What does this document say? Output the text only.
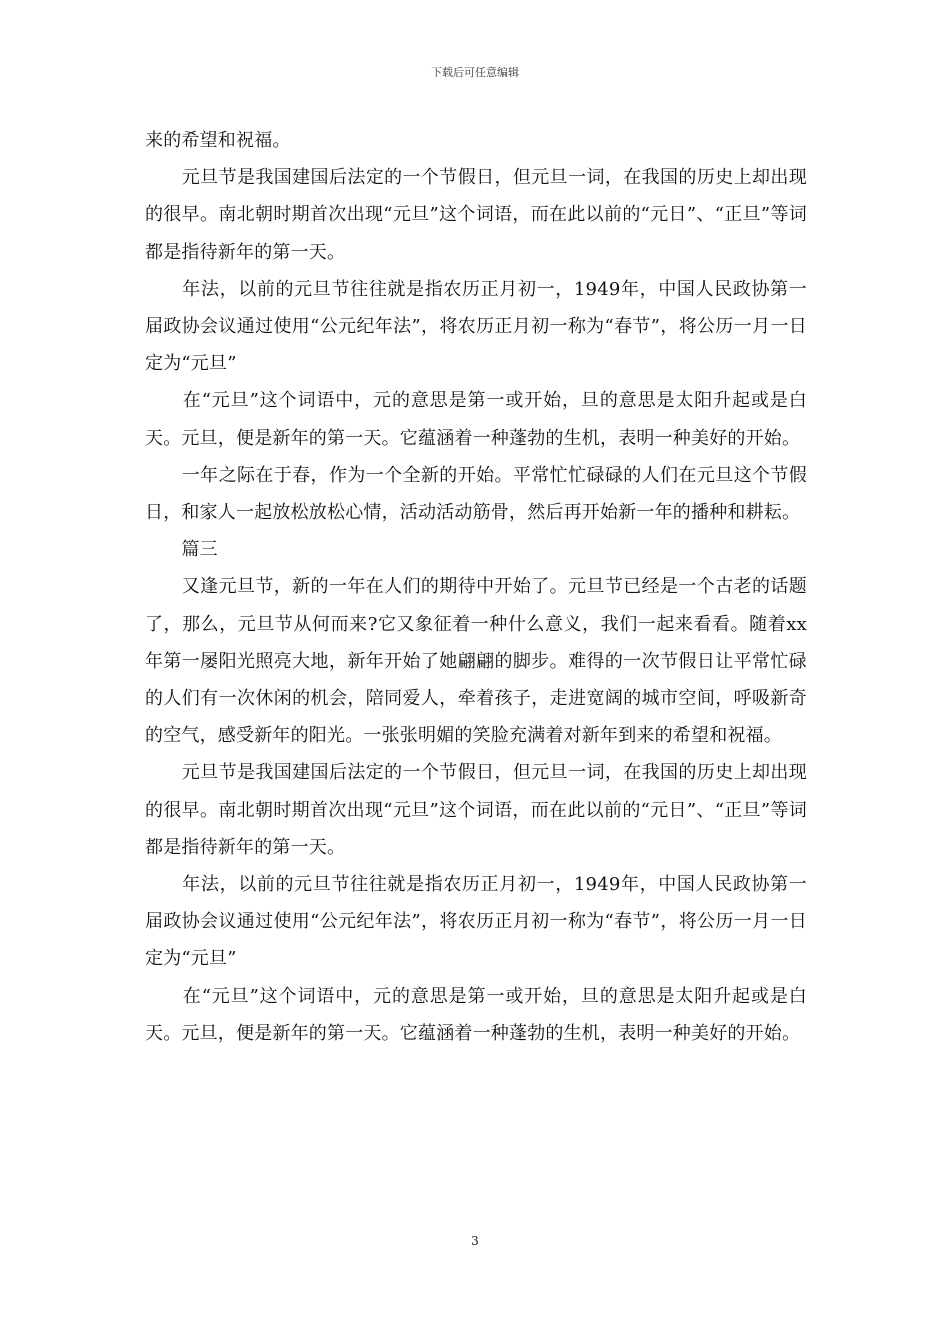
下载后可任意编辑

来的希望和祝福。

　　元旦节是我国建国后法定的一个节假日，但元旦一词，在我国的历史上却出现的很早。南北朝时期首次出现“元旦”这个词语，而在此以前的“元日”、“正旦”等词都是指待新年的第一天。

　　年法，以前的元旦节往往就是指农历正月初一，1949年，中国人民政协第一届政协会议通过使用“公元纪年法”，将农历正月初一称为“春节”，将公历一月一日定为“元旦”

　　在“元旦”这个词语中，元的意思是第一或开始，旦的意思是太阳升起或是白天。元旦，便是新年的第一天。它蕴涵着一种蓬勃的生机，表明一种美好的开始。

　　一年之际在于春，作为一个全新的开始。平常忙忙碌碌的人们在元旦这个节假日，和家人一起放松放松心情，活动活动筋骨，然后再开始新一年的播种和耕耘。

　　篇三

　　又逢元旦节，新的一年在人们的期待中开始了。元旦节已经是一个古老的话题了，那么，元旦节从何而来?它又象征着一种什么意义，我们一起来看看。随着xx年第一屡阳光照亮大地，新年开始了她翩翩的脚步。难得的一次节假日让平常忙碌的人们有一次休闲的机会，陪同爱人，牵着孩子，走进宽阔的城市空间，呼吸新奇的空气，感受新年的阳光。一张张明媚的笑脸充满着对新年到来的希望和祝福。

　　元旦节是我国建国后法定的一个节假日，但元旦一词，在我国的历史上却出现的很早。南北朝时期首次出现“元旦”这个词语，而在此以前的“元日”、“正旦”等词都是指待新年的第一天。

　　年法，以前的元旦节往往就是指农历正月初一，1949年，中国人民政协第一届政协会议通过使用“公元纪年法”，将农历正月初一称为“春节”，将公历一月一日定为“元旦”

　　在“元旦”这个词语中，元的意思是第一或开始，旦的意思是太阳升起或是白天。元旦，便是新年的第一天。它蕴涵着一种蓬勃的生机，表明一种美好的开始。

3
